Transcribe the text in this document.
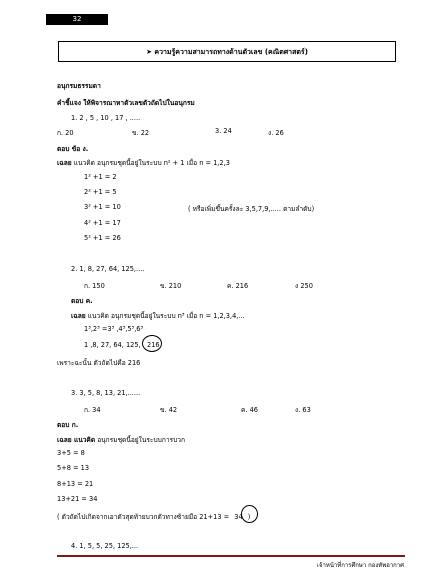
32
➤ ความรู้ความสามารถทางด้านตัวเลข (คณิตศาสตร์)
อนุกรมธรรมดา
คำชี้แจง ให้พิจารณาหาตัวเลขตัวถัดไปในอนุกรม
1. 2 , 5 , 10 , 17 , .....
ก. 20	ข. 22	3. 24	ง. 26
ตอบ ข้อ ง.
เฉลย แนวคิด อนุกรมชุดนี้อยู่ในระบบ n² + 1 เมื่อ n = 1,2,3
1² +1 = 2
2² +1 = 5
3² +1 = 10	( หรือเพิ่มขึ้นครั้งละ 3,5,7,9,..... ตามลำดับ)
4² +1 = 17
5² +1 = 26
2. 1, 8, 27, 64, 125,....
ก. 150	ข. 210	ค. 216	ง 250
ตอบ ค.
เฉลย แนวคิด อนุกรมชุดนี้อยู่ในระบบ n³ เมื่อ n = 1,2,3,4,...
1³,2³ =3³ ,4³,5³,6³
1 ,8, 27, 64, 125, 216
เพราะฉะนั้น ตัวถัดไปคือ 216
3. 3, 5, 8, 13, 21,......
ก. 34	ข. 42	ค. 46	ง. 63
ตอบ ก.
เฉลย แนวคิด อนุกรมชุดนี้อยู่ในระบบการบวก
3+5 = 8
5+8 = 13
8+13 = 21
13+21 = 34
( ตัวถัดไปเกิดจากเอาตัวสุดท้ายบวกตัวทางซ้ายมือ 21+13 = 34 )
4. 1, 5, 5, 25, 125,...
เจ้าหน้าที่การศึกษา กองทัพอากาศ
